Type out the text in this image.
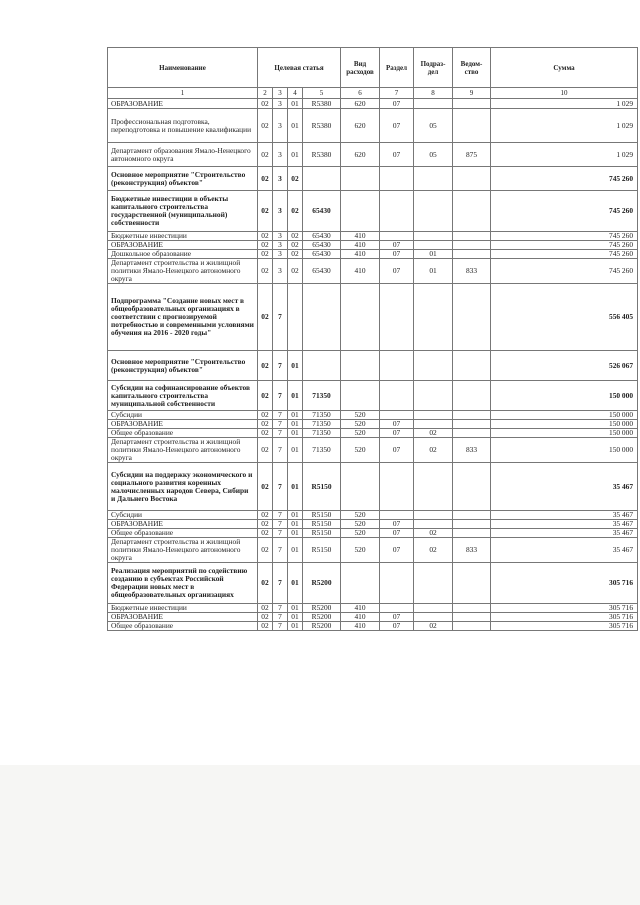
Наименование	Целевая статья				Вид расходов	Раздел	Подраз-дел	Ведом-ство	Сумма
1	2	3	4	5	6	7	8	9	10
ОБРАЗОВАНИЕ	02	3	01	R5380	620	07			1 029
Профессиональная подготовка, переподготовка и повышение квалификации	02	3	01	R5380	620	07	05		1 029
Департамент образования Ямало-Ненецкого автономного округа	02	3	01	R5380	620	07	05	875	1 029
Основное мероприятие "Строительство (реконструкция) объектов"	02	3	02						745 260
Бюджетные инвестиции в объекты капитального строительства государственной (муниципальной) собственности	02	3	02	65430					745 260
Бюджетные инвестиции	02	3	02	65430	410				745 260
ОБРАЗОВАНИЕ	02	3	02	65430	410	07			745 260
Дошкольное образование	02	3	02	65430	410	07	01		745 260
Департамент строительства и жилищной политики Ямало-Ненецкого автономного округа	02	3	02	65430	410	07	01	833	745 260
Подпрограмма "Создание новых мест в общеобразовательных организациях в соответствии с прогнозируемой потребностью и современными условиями обучения на 2016 - 2020 годы"	02	7							556 405
Основное мероприятие "Строительство (реконструкция) объектов"	02	7	01						526 067
Субсидии на софинансирование объектов капитального строительства муниципальной собственности	02	7	01	71350					150 000
Субсидии	02	7	01	71350	520				150 000
ОБРАЗОВАНИЕ	02	7	01	71350	520	07			150 000
Общее образование	02	7	01	71350	520	07	02		150 000
Департамент строительства и жилищной политики Ямало-Ненецкого автономного округа	02	7	01	71350	520	07	02	833	150 000
Субсидии на поддержку экономического и социального развития коренных малочисленных народов Севера, Сибири и Дальнего Востока	02	7	01	R5150					35 467
Субсидии	02	7	01	R5150	520				35 467
ОБРАЗОВАНИЕ	02	7	01	R5150	520	07			35 467
Общее образование	02	7	01	R5150	520	07	02		35 467
Департамент строительства и жилищной политики Ямало-Ненецкого автономного округа	02	7	01	R5150	520	07	02	833	35 467
Реализация мероприятий по содействию созданию в субъектах Российской Федерации новых мест в общеобразовательных организациях	02	7	01	R5200					305 716
Бюджетные инвестиции	02	7	01	R5200	410				305 716
ОБРАЗОВАНИЕ	02	7	01	R5200	410	07			305 716
Общее образование	02	7	01	R5200	410	07	02		305 716
